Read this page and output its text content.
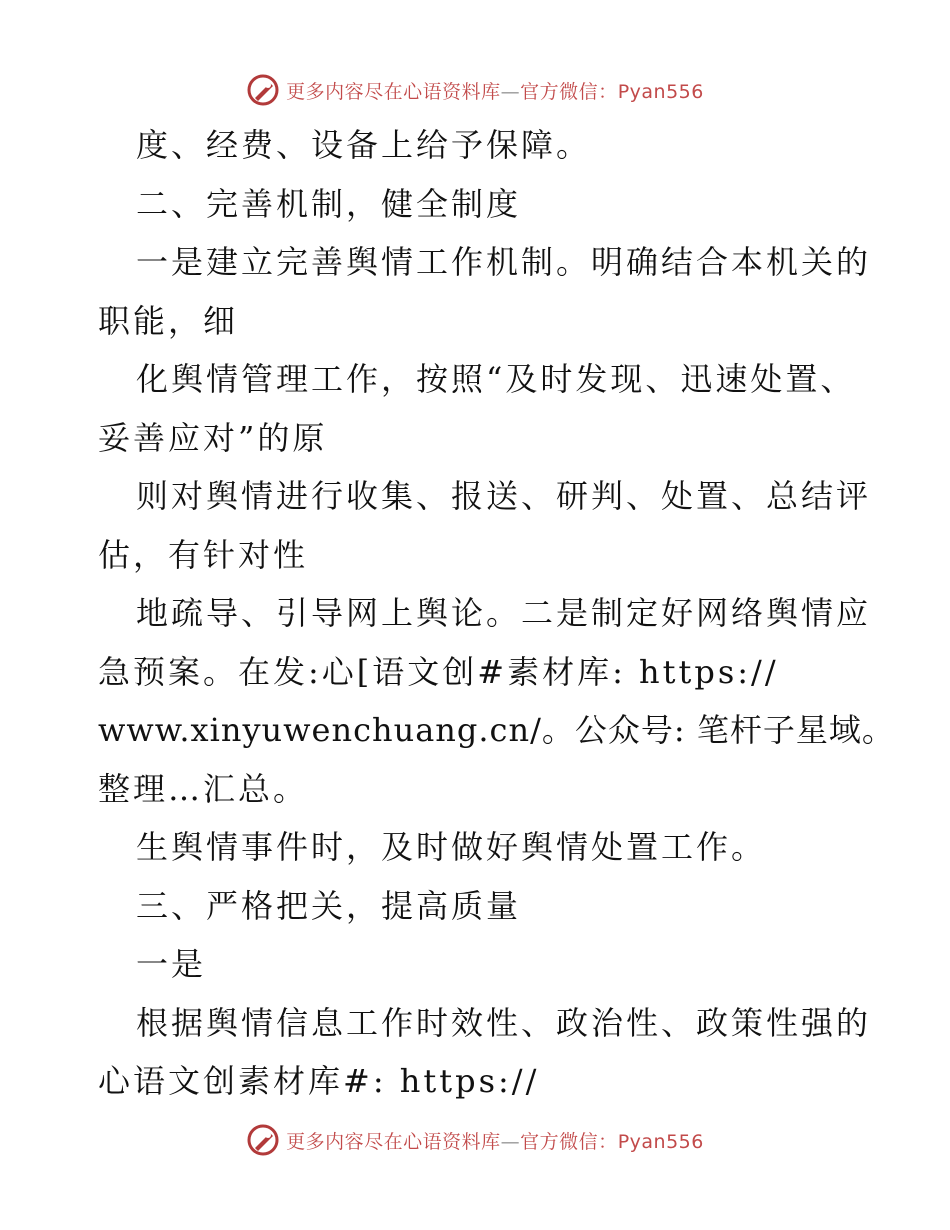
更多内容尽在心语资料库—官方微信：Pyan556
度、经费、设备上给予保障。
二、完善机制，健全制度
一是建立完善舆情工作机制。明确结合本机关的
职能，细
化舆情管理工作，按照“及时发现、迅速处置、
妥善应对”的原
则对舆情进行收集、报送、研判、处置、总结评
估，有针对性
地疏导、引导网上舆论。二是制定好网络舆情应
急预案。在发:心[语文创#素材库: https://
www.xinyuwenchuang.cn/。公众号: 笔杆子星域。
整理…汇总。
生舆情事件时，及时做好舆情处置工作。
三、严格把关，提高质量
一是
根据舆情信息工作时效性、政治性、政策性强的
心语文创素材库#: https://
更多内容尽在心语资料库—官方微信：Pyan556
